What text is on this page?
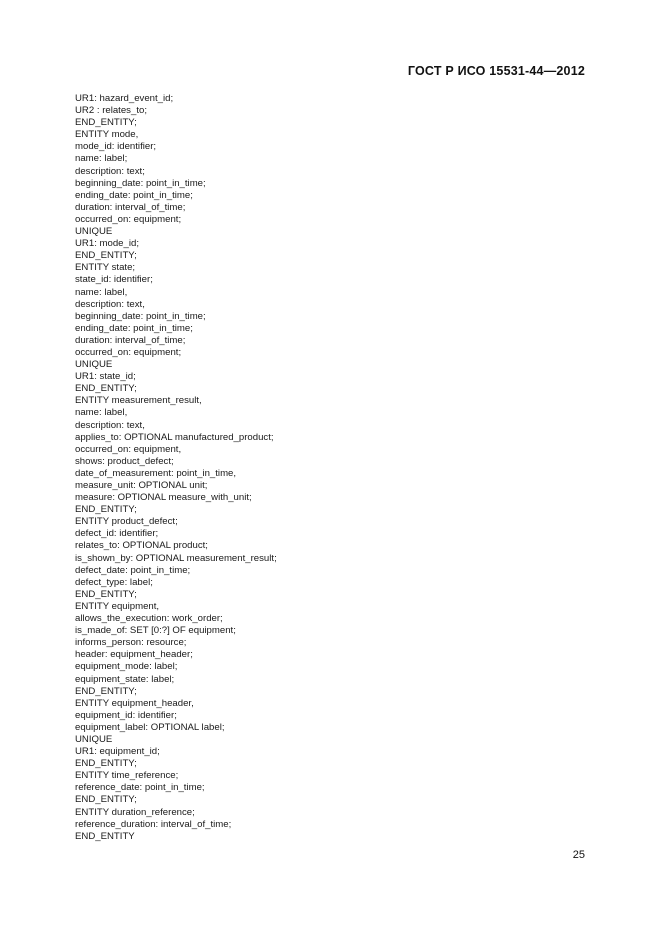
ГОСТ Р ИСО 15531-44—2012
UR1: hazard_event_id;
UR2 : relates_to;
END_ENTITY;
ENTITY mode,
mode_id: identifier;
name: label;
description: text;
beginning_date: point_in_time;
ending_date: point_in_time;
duration: interval_of_time;
occurred_on: equipment;
UNIQUE
UR1: mode_id;
END_ENTITY;
ENTITY state;
state_id: identifier;
name: label,
description: text,
beginning_date: point_in_time;
ending_date: point_in_time;
duration: interval_of_time;
occurred_on: equipment;
UNIQUE
UR1: state_id;
END_ENTITY;
ENTITY measurement_result,
name: label,
description: text,
applies_to: OPTIONAL manufactured_product;
occurred_on: equipment,
shows: product_defect;
date_of_measurement: point_in_time,
measure_unit: OPTIONAL unit;
measure: OPTIONAL measure_with_unit;
END_ENTITY;
ENTITY product_defect;
defect_id: identifier;
relates_to: OPTIONAL product;
is_shown_by: OPTIONAL measurement_result;
defect_date: point_in_time;
defect_type: label;
END_ENTITY;
ENTITY equipment,
allows_the_execution: work_order;
is_made_of: SET [0:?] OF equipment;
informs_person: resource;
header: equipment_header;
equipment_mode: label;
equipment_state: label;
END_ENTITY;
ENTITY equipment_header,
equipment_id: identifier;
equipment_label: OPTIONAL label;
UNIQUE
UR1: equipment_id;
END_ENTITY;
ENTITY time_reference;
reference_date: point_in_time;
END_ENTITY;
ENTITY duration_reference;
reference_duration: interval_of_time;
END_ENTITY
25
